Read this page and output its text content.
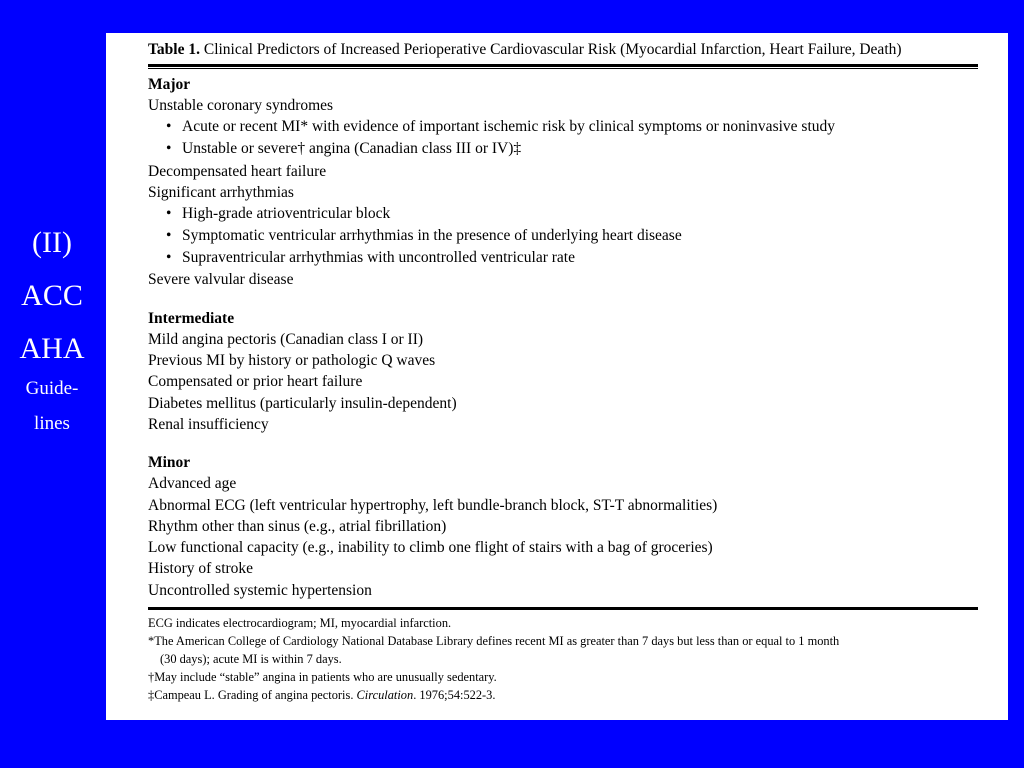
(II)
ACC
AHA
Guide-
lines

Table 1. Clinical Predictors of Increased Perioperative Cardiovascular Risk (Myocardial Infarction, Heart Failure, Death)

Major

Unstable coronary syndromes

• Acute or recent MI* with evidence of important ischemic risk by clinical symptoms or noninvasive study

• Unstable or severe† angina (Canadian class III or IV)‡

Decompensated heart failure

Significant arrhythmias

• High-grade atrioventricular block

• Symptomatic ventricular arrhythmias in the presence of underlying heart disease

• Supraventricular arrhythmias with uncontrolled ventricular rate

Severe valvular disease

Intermediate

Mild angina pectoris (Canadian class I or II)

Previous MI by history or pathologic Q waves

Compensated or prior heart failure

Diabetes mellitus (particularly insulin-dependent)

Renal insufficiency

Minor

Advanced age

Abnormal ECG (left ventricular hypertrophy, left bundle-branch block, ST-T abnormalities)

Rhythm other than sinus (e.g., atrial fibrillation)

Low functional capacity (e.g., inability to climb one flight of stairs with a bag of groceries)

History of stroke

Uncontrolled systemic hypertension

ECG indicates electrocardiogram; MI, myocardial infarction.

*The American College of Cardiology National Database Library defines recent MI as greater than 7 days but less than or equal to 1 month

(30 days); acute MI is within 7 days.

†May include “stable” angina in patients who are unusually sedentary.

‡Campeau L. Grading of angina pectoris. Circulation. 1976;54:522-3.
